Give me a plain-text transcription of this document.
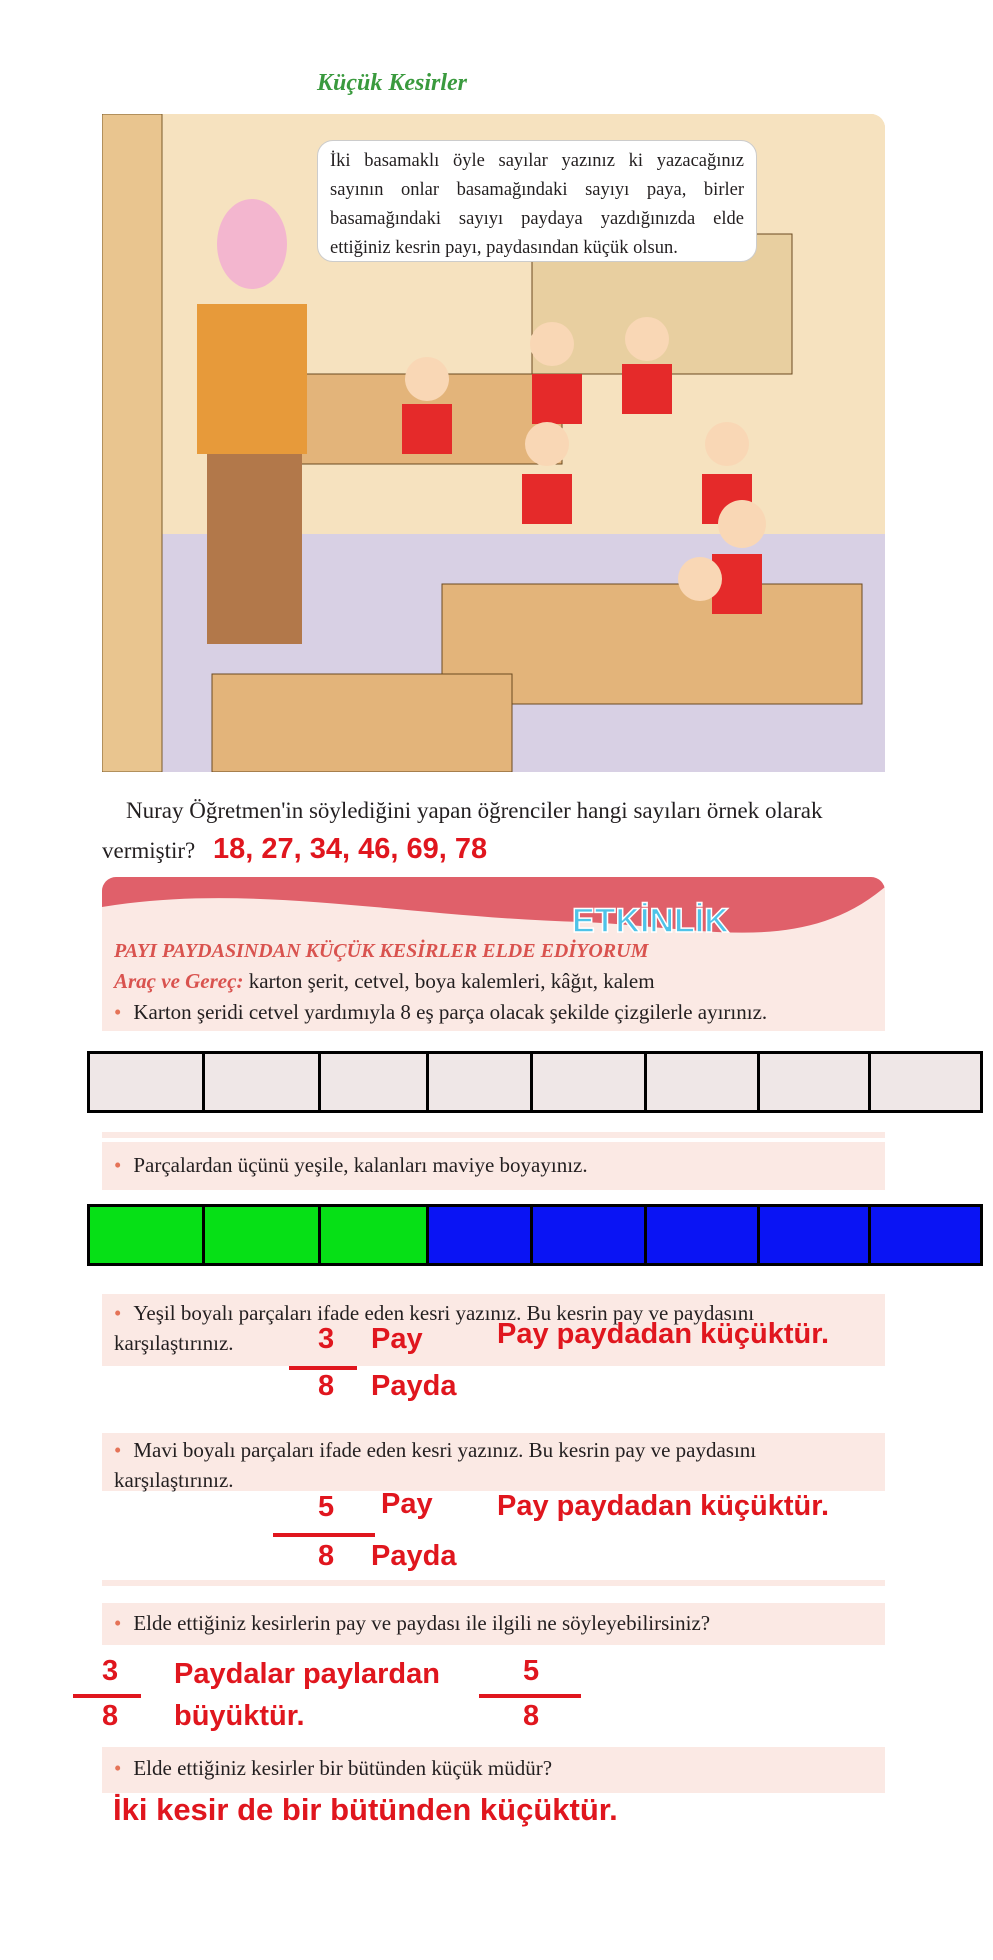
Küçük Kesirler
İki basamaklı öyle sayılar yazınız ki yazacağınız sayının onlar basamağındaki sayıyı paya, birler basamağındaki sayıyı paydaya yazdığınızda elde ettiğiniz kesrin payı, paydasından küçük olsun.
Nuray Öğretmen'in söylediğini yapan öğrenciler hangi sayıları örnek olarak vermiştir? 18, 27, 34, 46, 69, 78
ETKİNLİK
PAYI PAYDASINDAN KÜÇÜK KESİRLER ELDE EDİYORUM
Araç ve Gereç: karton şerit, cetvel, boya kalemleri, kâğıt, kalem
• Karton şeridi cetvel yardımıyla 8 eş parça olacak şekilde çizgilerle ayırınız.
• Parçalardan üçünü yeşile, kalanları maviye boyayınız.
• Yeşil boyalı parçaları ifade eden kesri yazınız. Bu kesrin pay ve paydasını karşılaştırınız.	3
8
Pay
Payda
Pay paydadan küçüktür.
• Mavi boyalı parçaları ifade eden kesri yazınız. Bu kesrin pay ve paydasını karşılaştırınız.
5
8
Pay
Payda
Pay paydadan küçüktür.
• Elde ettiğiniz kesirlerin pay ve paydası ile ilgili ne söyleyebilirsiniz?
3
8
Paydalar paylardan
büyüktür.
5
8
• Elde ettiğiniz kesirler bir bütünden küçük müdür?
İki kesir de bir bütünden küçüktür.
